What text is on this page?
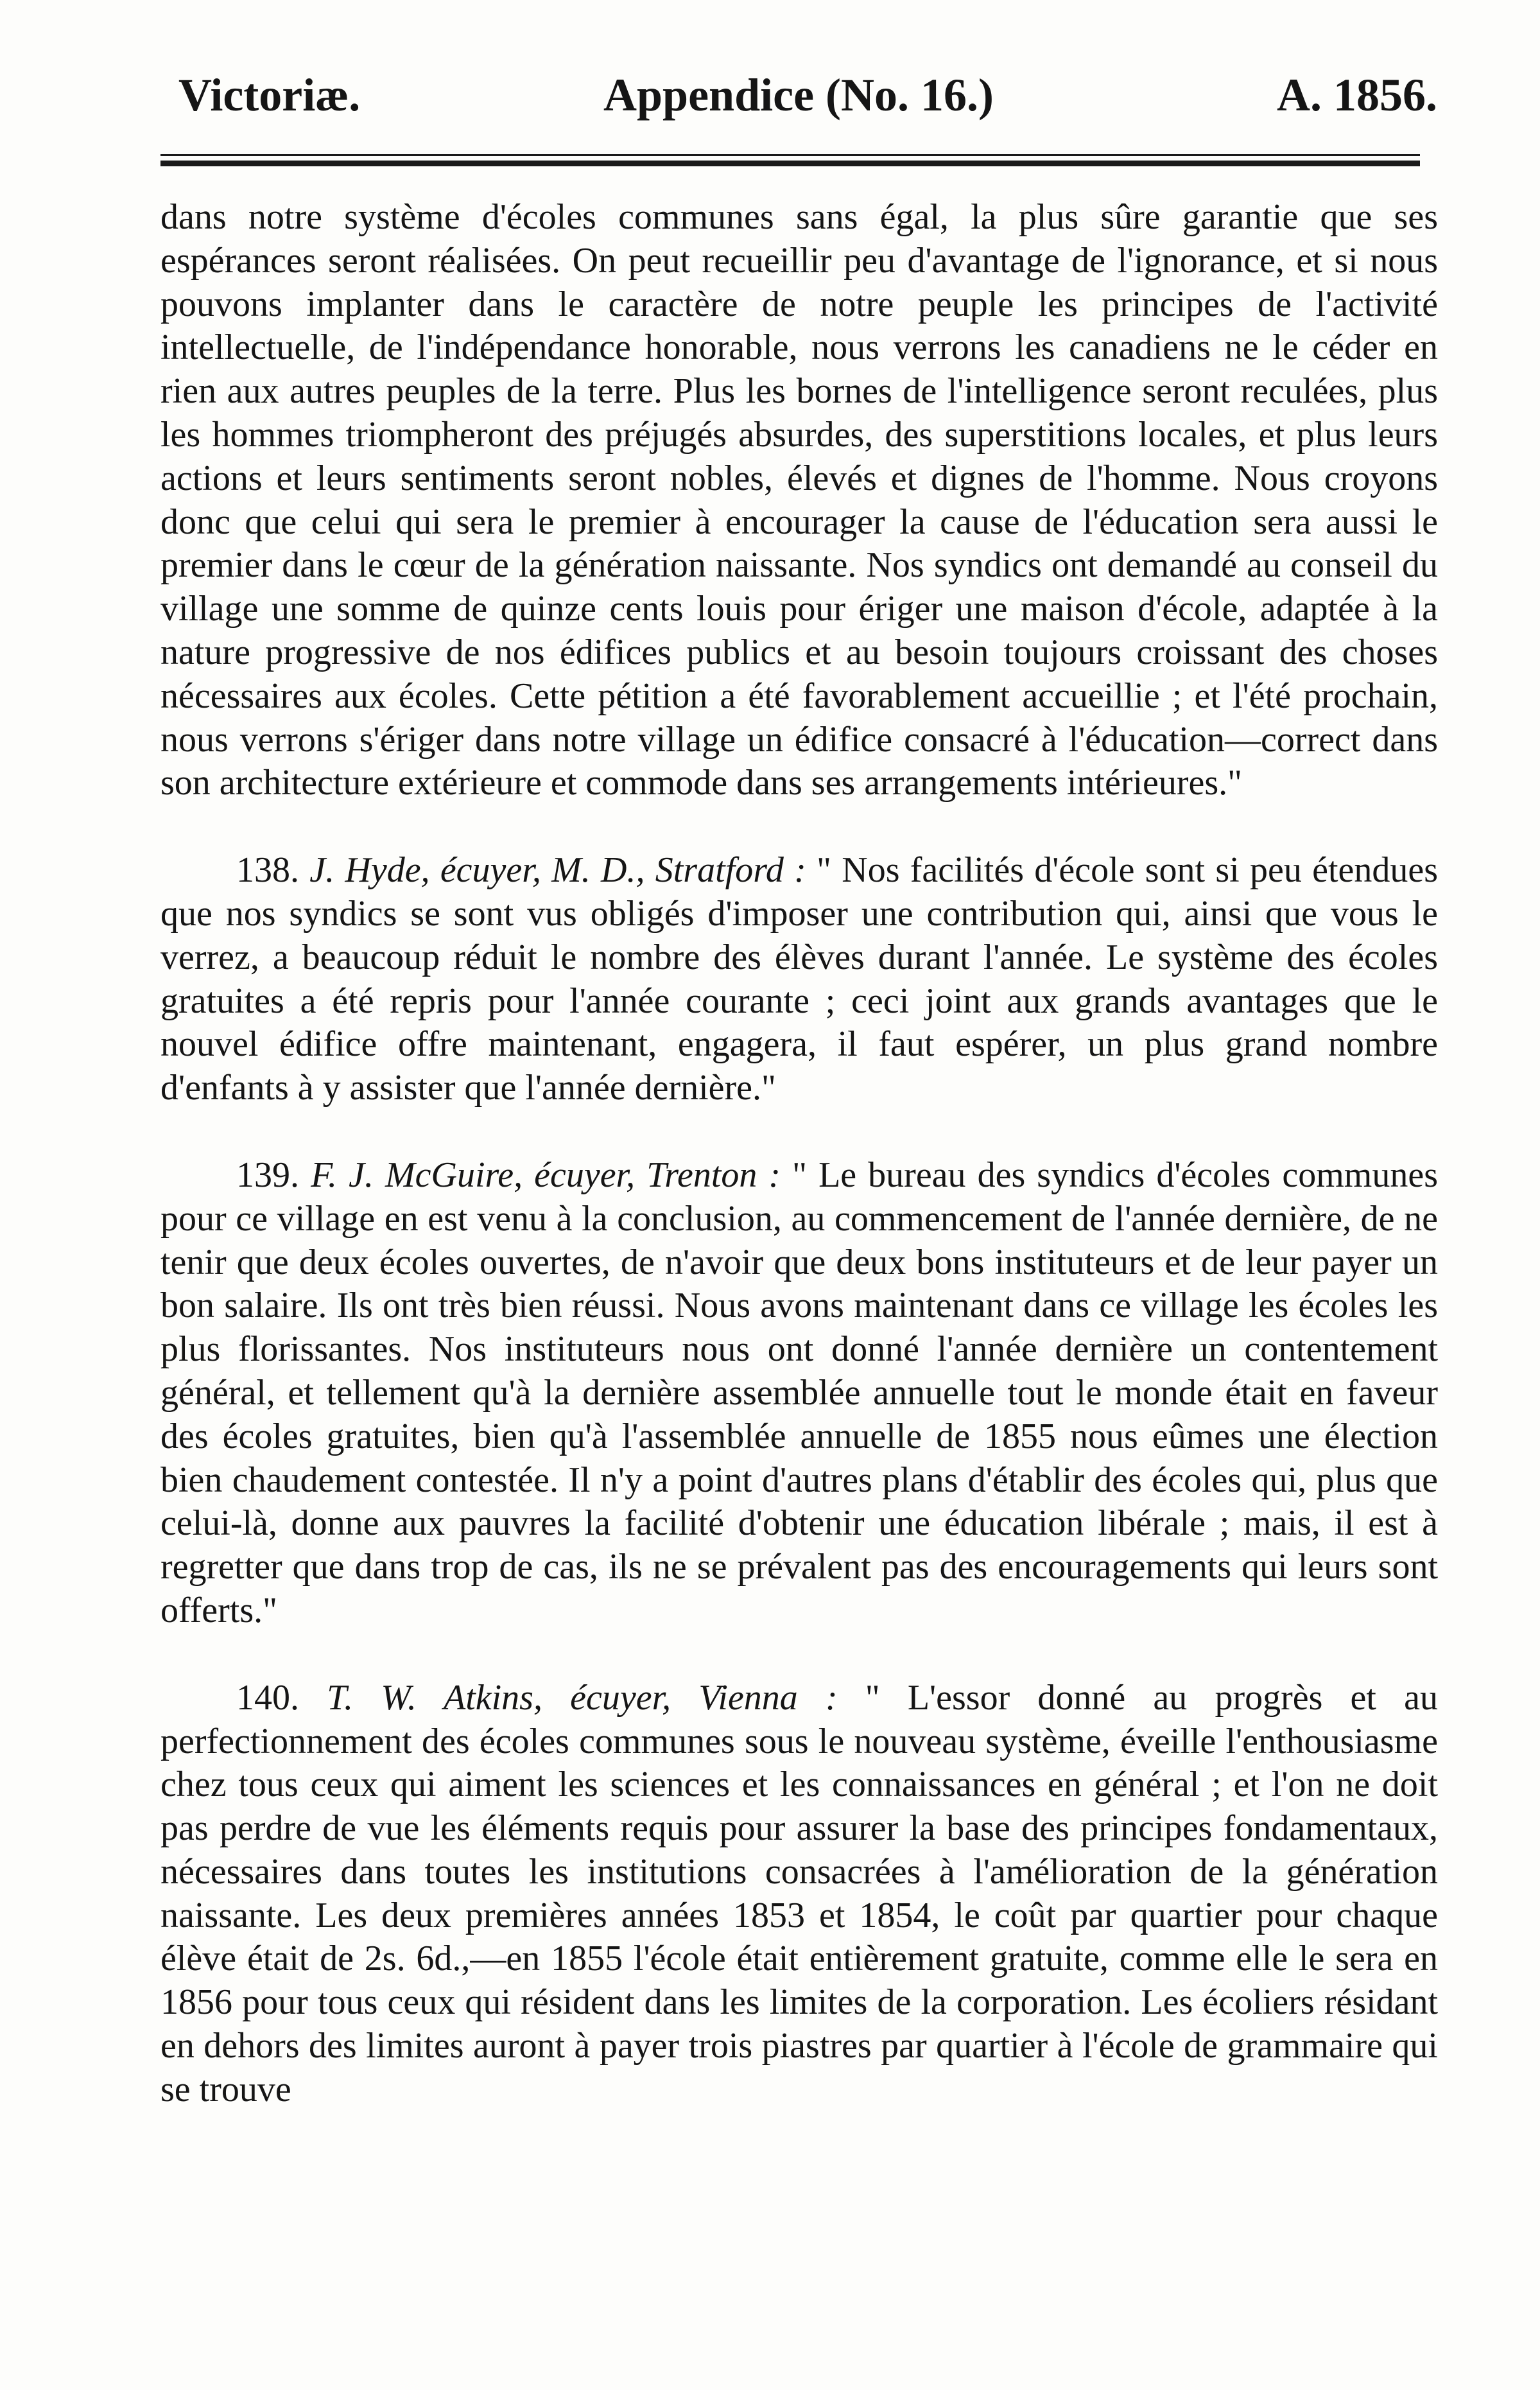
Victoriæ.	Appendice (No. 16.)	A. 1856.

dans notre système d'écoles communes sans égal, la plus sûre garantie que ses espérances seront réalisées. On peut recueillir peu d'avantage de l'ignorance, et si nous pouvons implanter dans le caractère de notre peuple les principes de l'activité intellectuelle, de l'indépendance honorable, nous verrons les canadiens ne le céder en rien aux autres peuples de la terre. Plus les bornes de l'intelligence seront reculées, plus les hommes triompheront des préjugés absurdes, des superstitions locales, et plus leurs actions et leurs sentiments seront nobles, élevés et dignes de l'homme. Nous croyons donc que celui qui sera le premier à encourager la cause de l'éducation sera aussi le premier dans le cœur de la génération naissante. Nos syndics ont demandé au conseil du village une somme de quinze cents louis pour ériger une maison d'école, adaptée à la nature progressive de nos édifices publics et au besoin toujours croissant des choses nécessaires aux écoles. Cette pétition a été favorablement accueillie ; et l'été prochain, nous verrons s'ériger dans notre village un édifice consacré à l'éducation—correct dans son architecture extérieure et commode dans ses arrangements intérieures."

138. J. Hyde, écuyer, M. D., Stratford : " Nos facilités d'école sont si peu étendues que nos syndics se sont vus obligés d'imposer une contribution qui, ainsi que vous le verrez, a beaucoup réduit le nombre des élèves durant l'année. Le système des écoles gratuites a été repris pour l'année courante ; ceci joint aux grands avantages que le nouvel édifice offre maintenant, engagera, il faut espérer, un plus grand nombre d'enfants à y assister que l'année dernière."

139. F. J. McGuire, écuyer, Trenton : " Le bureau des syndics d'écoles communes pour ce village en est venu à la conclusion, au commencement de l'année dernière, de ne tenir que deux écoles ouvertes, de n'avoir que deux bons instituteurs et de leur payer un bon salaire. Ils ont très bien réussi. Nous avons maintenant dans ce village les écoles les plus florissantes. Nos instituteurs nous ont donné l'année dernière un contentement général, et tellement qu'à la dernière assemblée annuelle tout le monde était en faveur des écoles gratuites, bien qu'à l'assemblée annuelle de 1855 nous eûmes une élection bien chaudement contestée. Il n'y a point d'autres plans d'établir des écoles qui, plus que celui-là, donne aux pauvres la facilité d'obtenir une éducation libérale ; mais, il est à regretter que dans trop de cas, ils ne se prévalent pas des encouragements qui leurs sont offerts."

140. T. W. Atkins, écuyer, Vienna : " L'essor donné au progrès et au perfectionnement des écoles communes sous le nouveau système, éveille l'enthousiasme chez tous ceux qui aiment les sciences et les connaissances en général ; et l'on ne doit pas perdre de vue les éléments requis pour assurer la base des principes fondamentaux, nécessaires dans toutes les institutions consacrées à l'amélioration de la génération naissante. Les deux premières années 1853 et 1854, le coût par quartier pour chaque élève était de 2s. 6d.,—en 1855 l'école était entièrement gratuite, comme elle le sera en 1856 pour tous ceux qui résident dans les limites de la corporation. Les écoliers résidant en dehors des limites auront à payer trois piastres par quartier à l'école de grammaire qui se trouve
